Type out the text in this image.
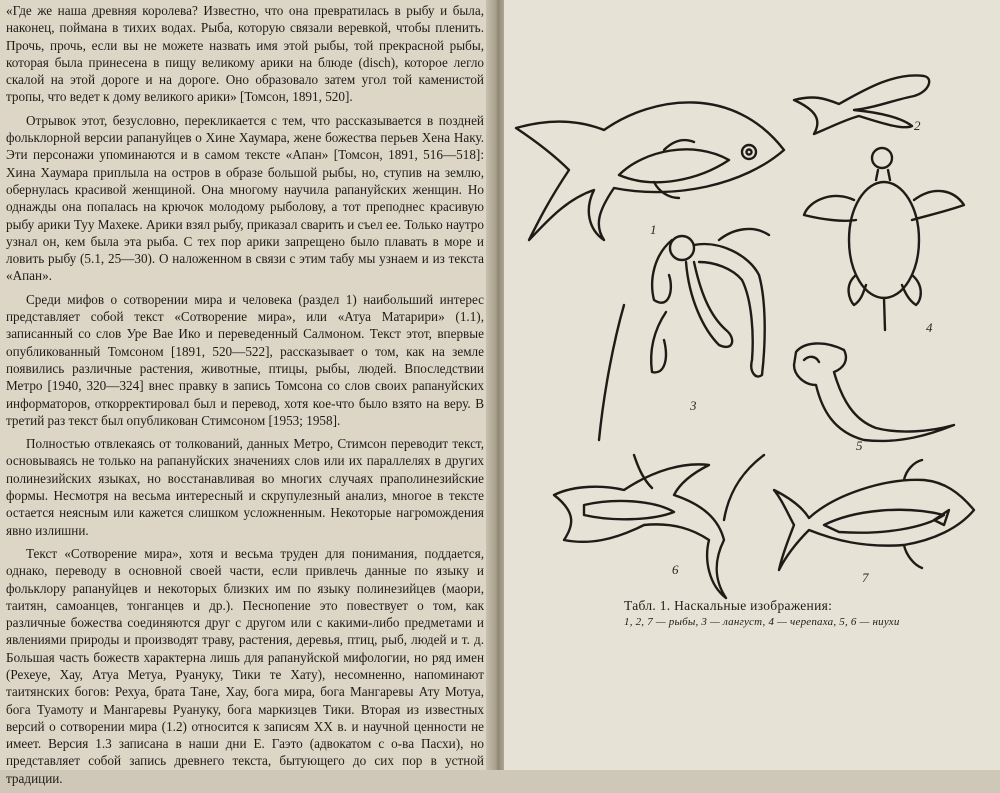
«Где же наша древняя королева? Известно, что она превратилась в рыбу и была, наконец, поймана в тихих водах. Рыба, которую связали веревкой, чтобы пленить. Прочь, прочь, если вы не можете назвать имя этой рыбы, той прекрасной рыбы, которая была принесена в пищу великому арики на блюде (disch), которое легло скалой на этой дороге и на дороге. Оно образовало затем угол той каменистой тропы, что ведет к дому великого арики» [Томсон, 1891, 520].

Отрывок этот, безусловно, перекликается с тем, что рассказывается в поздней фольклорной версии рапануйцев о Хине Хаумара, жене божества перьев Хена Наку. Эти персонажи упоминаются и в самом тексте «Апан» [Томсон, 1891, 516—518]: Хина Хаумара приплыла на остров в образе большой рыбы, но, ступив на землю, обернулась красивой женщиной. Она многому научила рапануйских женщин. Но однажды она попалась на крючок молодому рыболову, а тот преподнес красивую рыбу арики Туу Махеке. Арики взял рыбу, приказал сварить и съел ее. Только наутро узнал он, кем была эта рыба. С тех пор арики запрещено было плавать в море и ловить рыбу (5.1, 25—30). О наложенном в связи с этим табу мы узнаем и из текста «Апан».

Среди мифов о сотворении мира и человека (раздел 1) наибольший интерес представляет собой текст «Сотворение мира», или «Атуа Матарири» (1.1), записанный со слов Уре Вае Ико и переведенный Салмоном. Текст этот, впервые опубликованный Томсоном [1891, 520—522], рассказывает о том, как на земле появились различные растения, животные, птицы, рыбы, людей. Впоследствии Метро [1940, 320—324] внес правку в запись Томсона со слов своих рапануйских информаторов, откорректировал был и перевод, хотя кое-что было взято на веру. В третий раз текст был опубликован Стимсоном [1953; 1958].

Полностью отвлекаясь от толкований, данных Метро, Стимсон переводит текст, основываясь не только на рапануйских значениях слов или их параллелях в других полинезийских языках, но восстанавливая во многих случаях праполинезийские формы. Несмотря на весьма интересный и скрупулезный анализ, многое в тексте остается неясным или кажется слишком усложненным. Некоторые нагромождения явно излишни.

Текст «Сотворение мира», хотя и весьма труден для понимания, поддается, однако, переводу в основной своей части, если привлечь данные по языку и фольклору рапануйцев и некоторых близких им по языку полинезийцев (маори, таитян, самоанцев, тонганцев и др.). Песнопение это повествует о том, как различные божества соединяются друг с другом или с какими-либо предметами и явлениями природы и производят траву, растения, деревья, птиц, рыб, людей и т. д. Большая часть божеств характерна лишь для рапануйской мифологии, но ряд имен (Рехеуе, Хау, Атуа Метуа, Руануку, Тики те Хату), несомненно, напоминают таитянских богов: Рехуа, брата Тане, Хау, бога мира, бога Мангаревы Ату Мотуа, бога Туамоту и Мангаревы Руануку, бога маркизцев Тики. Вторая из известных версий о сотворении мира (1.2) относится к записям XX в. и научной ценности не имеет. Версия 1.3 записана в наши дни Е. Гаэто (адвокатом с о-ва Пасхи), но представляет собой запись древнего текста, бытующего до сих пор в устной традиции.

1
2
3
4
5
6
7
Табл. 1. Наскальные изображения:
1, 2, 7 — рыбы, 3 — лангуст, 4 — черепаха, 5, 6 — ниухи
